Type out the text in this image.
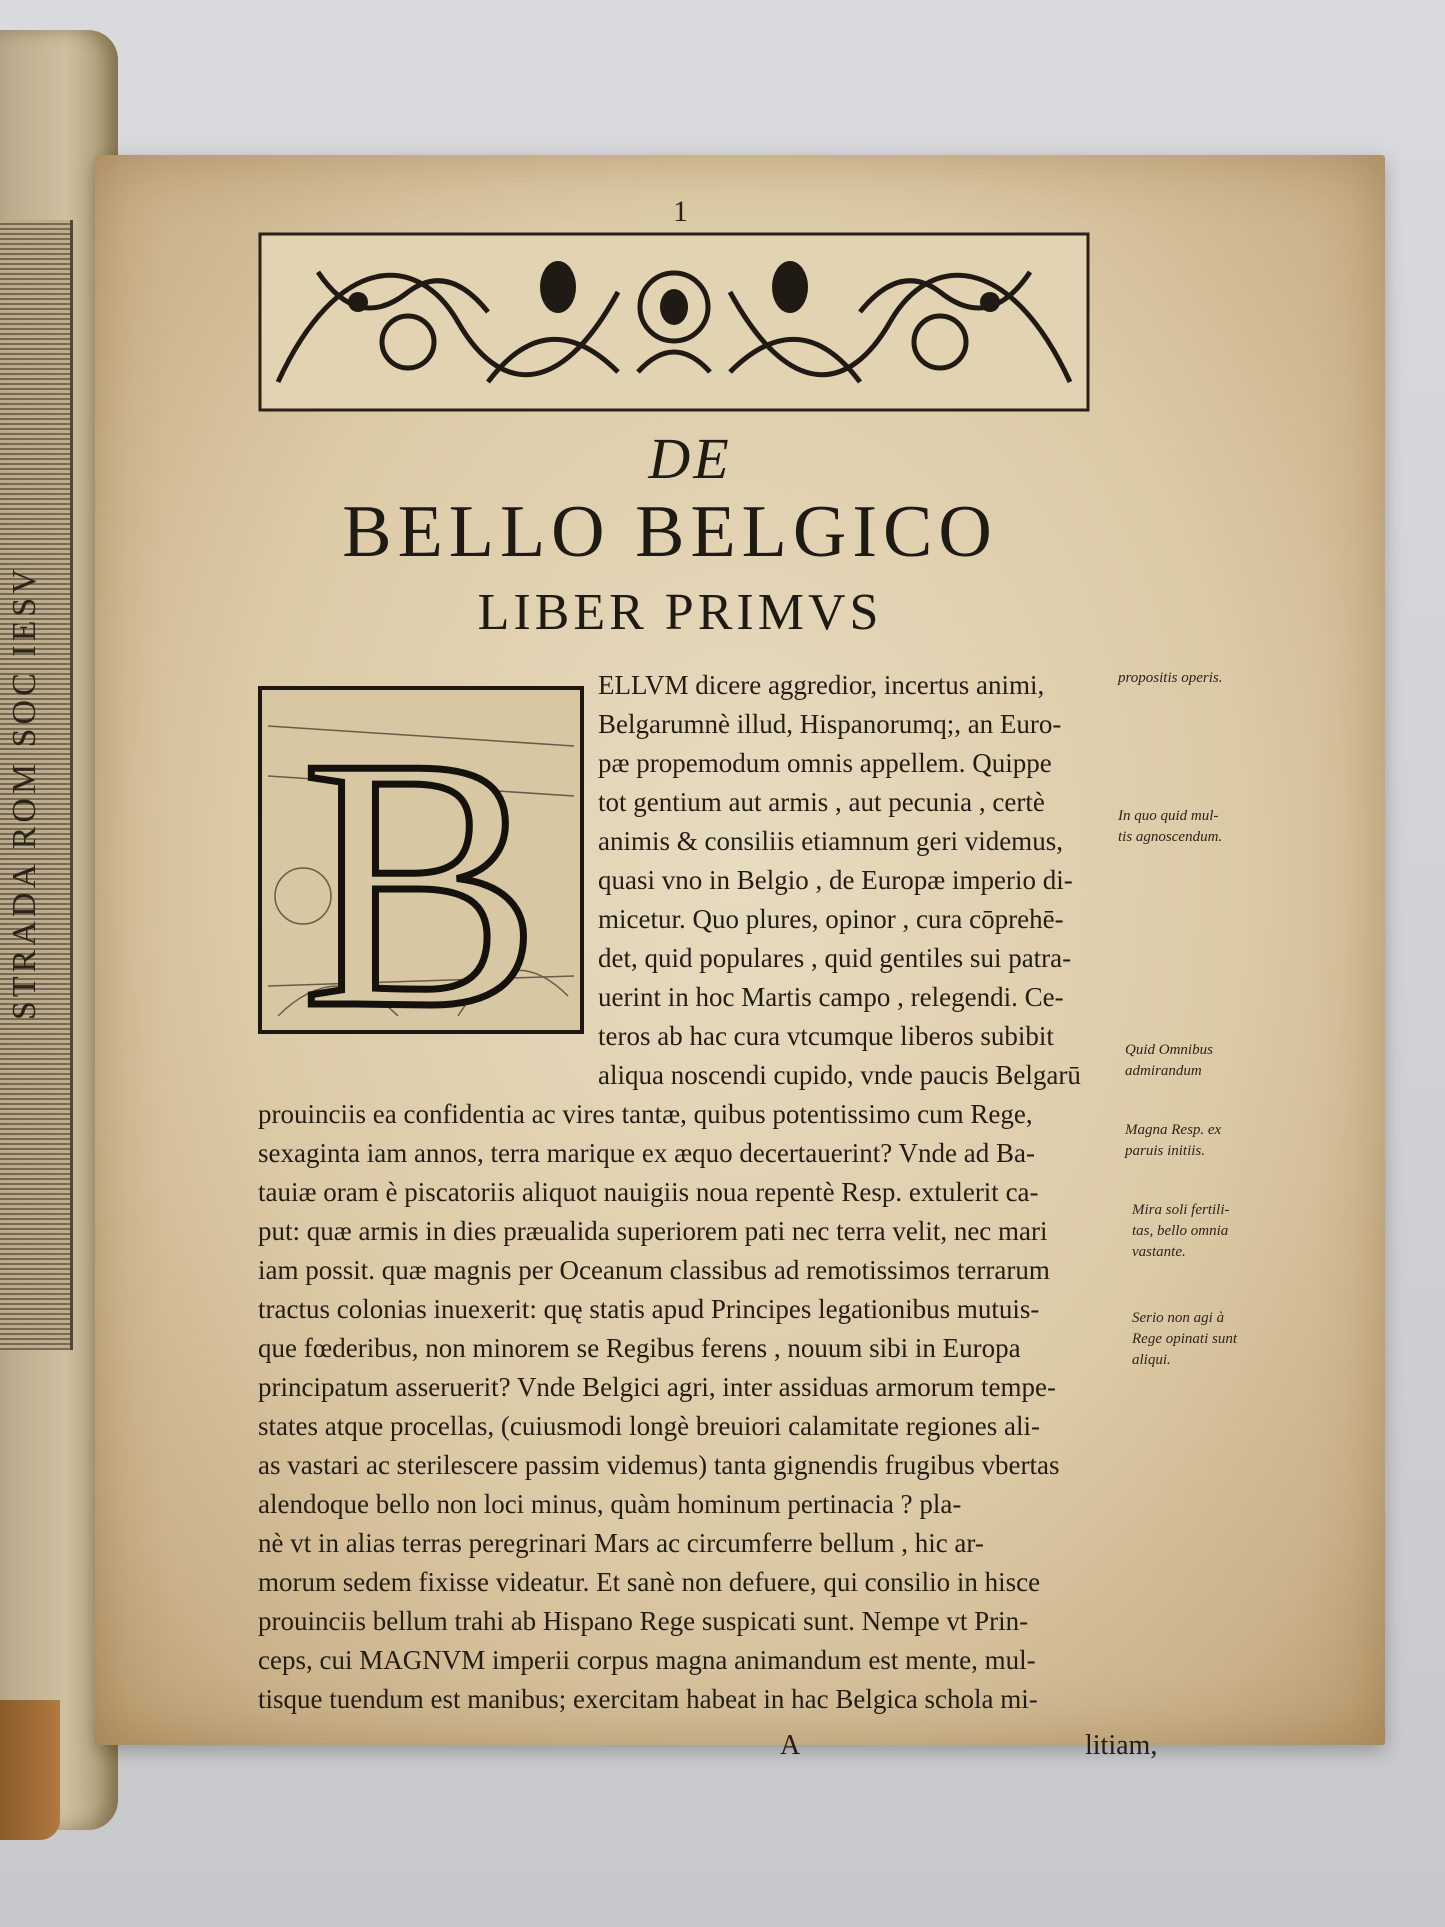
STRADA ROM SOC IESV
1
DE
BELLO BELGICO
LIBER PRIMVS
B ELLVM dicere aggredior, incertus animi,
Belgarumnè illud, Hispanorumq;, an Euro-
pæ propemodum omnis appellem. Quippe
tot gentium aut armis , aut pecunia , certè
animis & consiliis etiamnum geri videmus,
quasi vno in Belgio , de Europæ imperio di-
micetur. Quo plures, opinor , cura cōprehē-
det, quid populares , quid gentiles sui patra-
uerint in hoc Martis campo , relegendi. Ce-
teros ab hac cura vtcumque liberos subibit
aliqua noscendi cupido, vnde paucis Belgarū
prouinciis ea confidentia ac vires tantæ, quibus potentissimo cum Rege,
sexaginta iam annos, terra marique ex æquo decertauerint? Vnde ad Ba-
tauiæ oram è piscatoriis aliquot nauigiis noua repentè Resp. extulerit ca-
put: quæ armis in dies præualida superiorem pati nec terra velit, nec mari
iam possit. quæ magnis per Oceanum classibus ad remotissimos terrarum
tractus colonias inuexerit: quę statis apud Principes legationibus mutuis-
que fœderibus, non minorem se Regibus ferens , nouum sibi in Europa
principatum asseruerit? Vnde Belgici agri, inter assiduas armorum tempe-
states atque procellas, (cuiusmodi longè breuiori calamitate regiones ali-
as vastari ac sterilescere passim videmus) tanta gignendis frugibus vbertas
alendoque bello non loci minus, quàm hominum pertinacia ? pla-
nè vt in alias terras peregrinari Mars ac circumferre bellum , hic ar-
morum sedem fixisse videatur. Et sanè non defuere, qui consilio in hisce
prouinciis bellum trahi ab Hispano Rege suspicati sunt. Nempe vt Prin-
ceps, cui MAGNVM imperii corpus magna animandum est mente, mul-
tisque tuendum est manibus; exercitam habeat in hac Belgica schola mi-
A	litiam,
propositis operis.
In quo quid mul-
tis agnoscendum.
Quid Omnibus
admirandum
Magna Resp. ex
paruis initiis.
Mira soli fertili-
tas, bello omnia
vastante.
Serio non agi à
Rege opinati sunt
aliqui.
